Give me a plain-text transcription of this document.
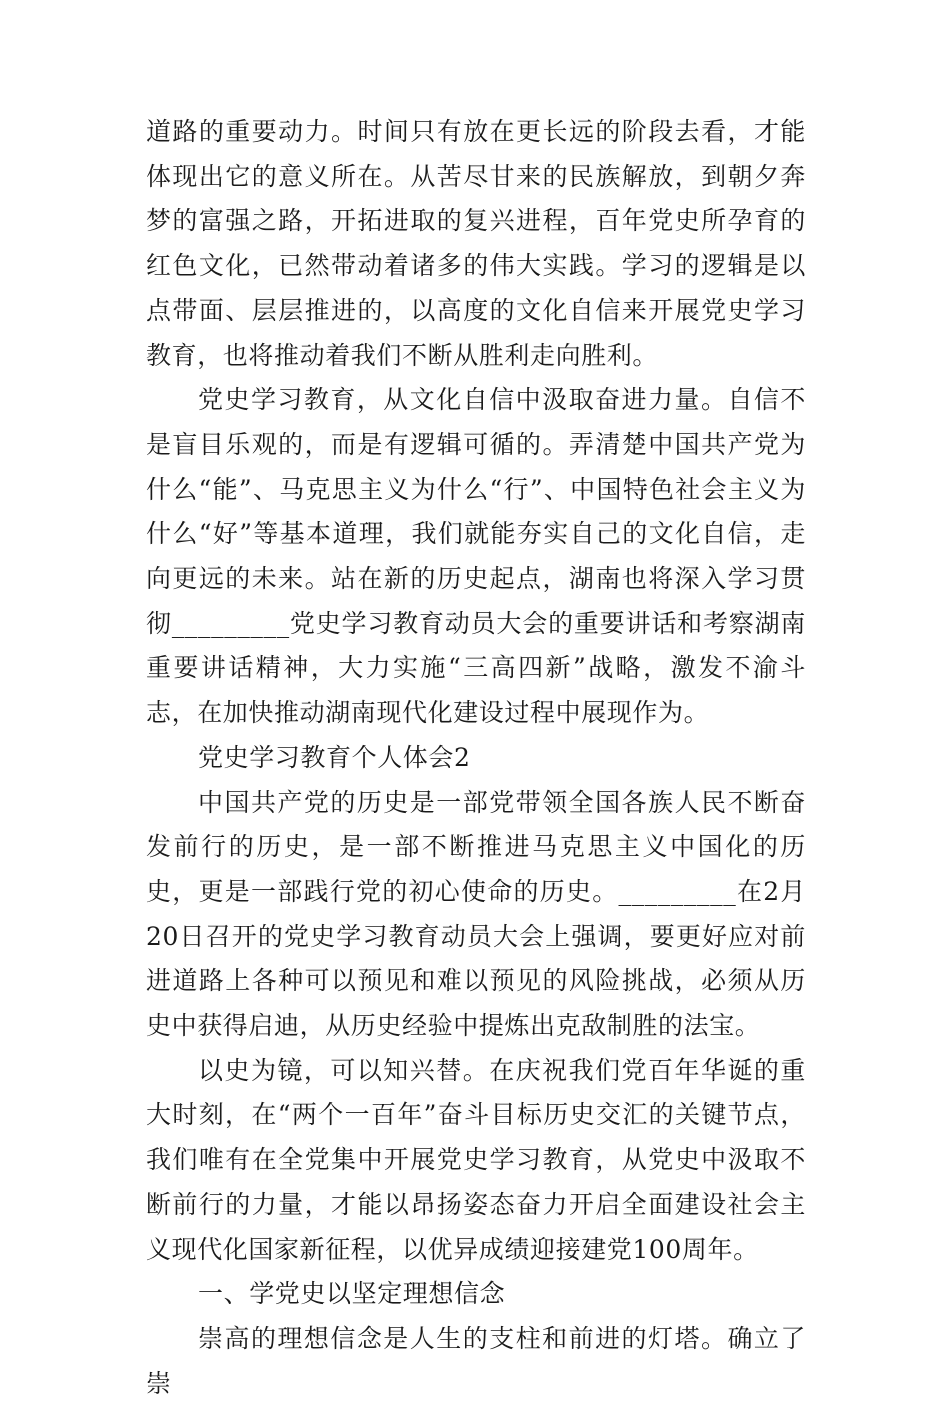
道路的重要动力。时间只有放在更长远的阶段去看，才能体现出它的意义所在。从苦尽甘来的民族解放，到朝夕奔梦的富强之路，开拓进取的复兴进程，百年党史所孕育的红色文化，已然带动着诸多的伟大实践。学习的逻辑是以点带面、层层推进的，以高度的文化自信来开展党史学习教育，也将推动着我们不断从胜利走向胜利。

党史学习教育，从文化自信中汲取奋进力量。自信不是盲目乐观的，而是有逻辑可循的。弄清楚中国共产党为什么“能”、马克思主义为什么“行”、中国特色社会主义为什么“好”等基本道理，我们就能夯实自己的文化自信，走向更远的未来。站在新的历史起点，湖南也将深入学习贯彻_________党史学习教育动员大会的重要讲话和考察湖南重要讲话精神，大力实施“三高四新”战略，激发不渝斗志，在加快推动湖南现代化建设过程中展现作为。

党史学习教育个人体会2

中国共产党的历史是一部党带领全国各族人民不断奋发前行的历史，是一部不断推进马克思主义中国化的历史，更是一部践行党的初心使命的历史。_________在2月20日召开的党史学习教育动员大会上强调，要更好应对前进道路上各种可以预见和难以预见的风险挑战，必须从历史中获得启迪，从历史经验中提炼出克敌制胜的法宝。

以史为镜，可以知兴替。在庆祝我们党百年华诞的重大时刻，在“两个一百年”奋斗目标历史交汇的关键节点，我们唯有在全党集中开展党史学习教育，从党史中汲取不断前行的力量，才能以昂扬姿态奋力开启全面建设社会主义现代化国家新征程，以优异成绩迎接建党100周年。

一、学党史以坚定理想信念

崇高的理想信念是人生的支柱和前进的灯塔。确立了崇
